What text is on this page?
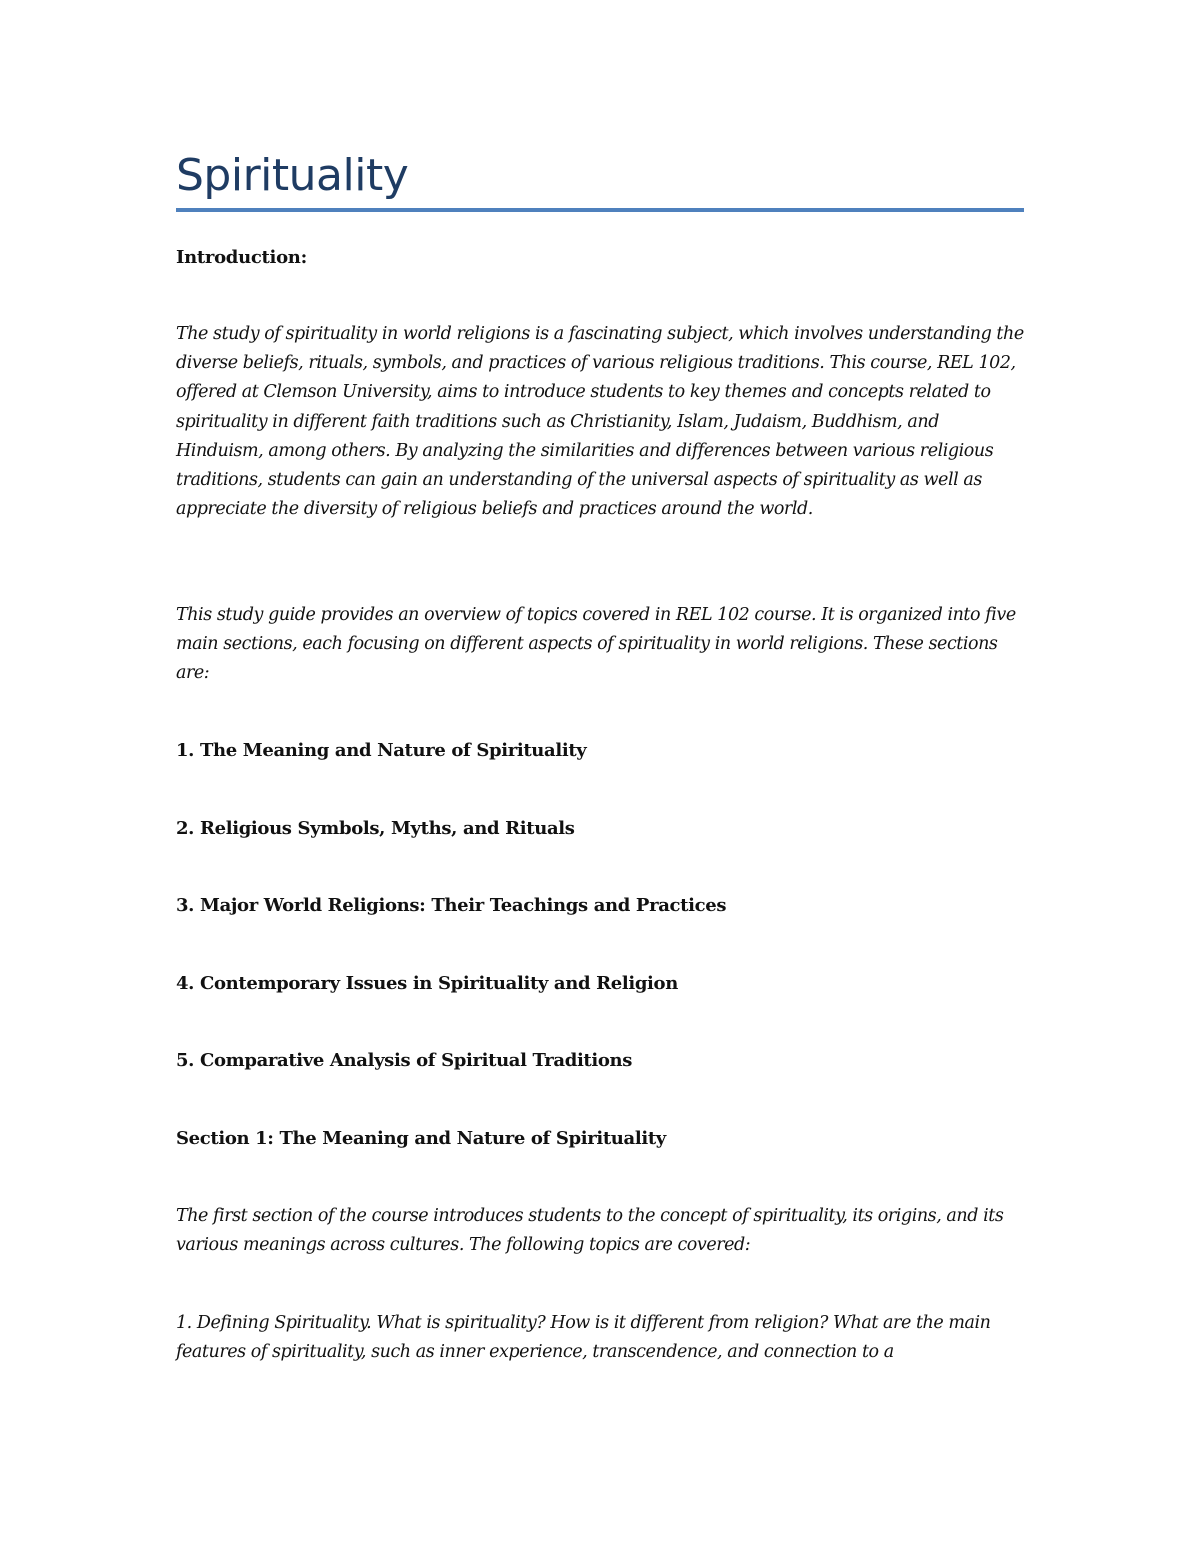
Spirituality
Introduction:

The study of spirituality in world religions is a fascinating subject, which involves understanding the diverse beliefs, rituals, symbols, and practices of various religious traditions. This course, REL 102, offered at Clemson University, aims to introduce students to key themes and concepts related to spirituality in different faith traditions such as Christianity, Islam, Judaism, Buddhism, and Hinduism, among others. By analyzing the similarities and differences between various religious traditions, students can gain an understanding of the universal aspects of spirituality as well as appreciate the diversity of religious beliefs and practices around the world.

This study guide provides an overview of topics covered in REL 102 course. It is organized into five main sections, each focusing on different aspects of spirituality in world religions. These sections are:

1. The Meaning and Nature of Spirituality
2. Religious Symbols, Myths, and Rituals
3. Major World Religions: Their Teachings and Practices
4. Contemporary Issues in Spirituality and Religion
5. Comparative Analysis of Spiritual Traditions
Section 1: The Meaning and Nature of Spirituality

The first section of the course introduces students to the concept of spirituality, its origins, and its various meanings across cultures. The following topics are covered:

1. Defining Spirituality. What is spirituality? How is it different from religion? What are the main features of spirituality, such as inner experience, transcendence, and connection to a
